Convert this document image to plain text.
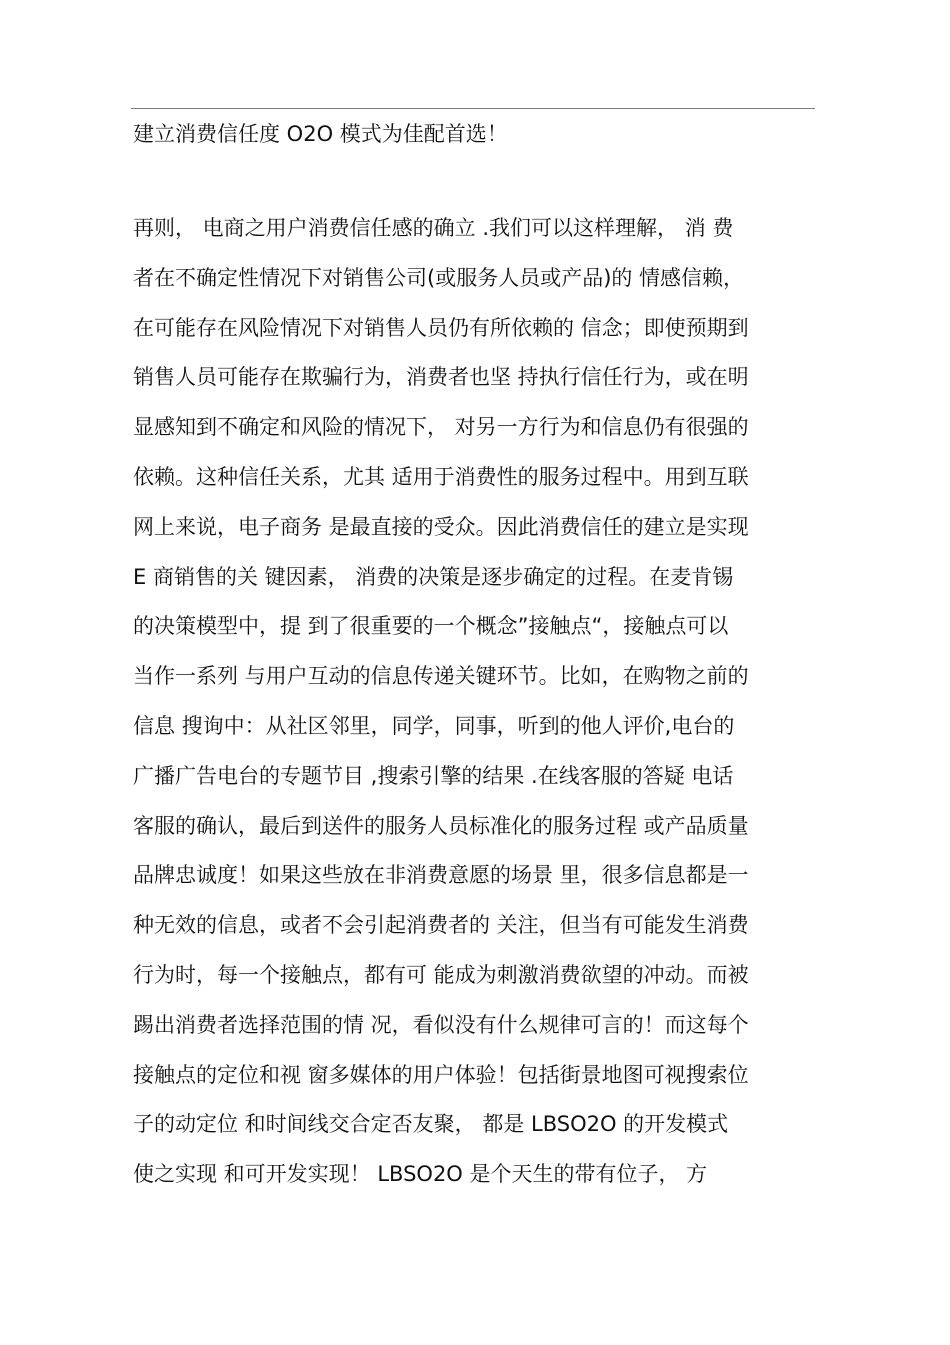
建立消费信任度 O2O 模式为佳配首选！
再则， 电商之用户消费信任感的确立 .我们可以这样理解， 消 费
者在不确定性情况下对销售公司(或服务人员或产品)的 情感信赖，
在可能存在风险情况下对销售人员仍有所依赖的 信念；即使预期到
销售人员可能存在欺骗行为，消费者也坚 持执行信任行为，或在明
显感知到不确定和风险的情况下， 对另一方行为和信息仍有很强的
依赖。这种信任关系，尤其 适用于消费性的服务过程中。用到互联
网上来说，电子商务 是最直接的受众。因此消费信任的建立是实现
E 商销售的关 键因素， 消费的决策是逐步确定的过程。在麦肯锡
的决策模型中，提 到了很重要的一个概念”接触点“，接触点可以
当作一系列 与用户互动的信息传递关键环节。比如，在购物之前的
信息 搜询中：从社区邻里，同学，同事，听到的他人评价,电台的
广播广告电台的专题节目 ,搜索引擎的结果 .在线客服的答疑 电话
客服的确认，最后到送件的服务人员标准化的服务过程 或产品质量
品牌忠诚度！如果这些放在非消费意愿的场景 里，很多信息都是一
种无效的信息，或者不会引起消费者的 关注，但当有可能发生消费
行为时，每一个接触点，都有可 能成为刺激消费欲望的冲动。而被
踢出消费者选择范围的情 况，看似没有什么规律可言的！而这每个
接触点的定位和视 窗多媒体的用户体验！包括街景地图可视搜索位
子的动定位 和时间线交合定否友聚， 都是 LBSO2O 的开发模式
使之实现 和可开发实现！ LBSO2O 是个天生的带有位子， 方
